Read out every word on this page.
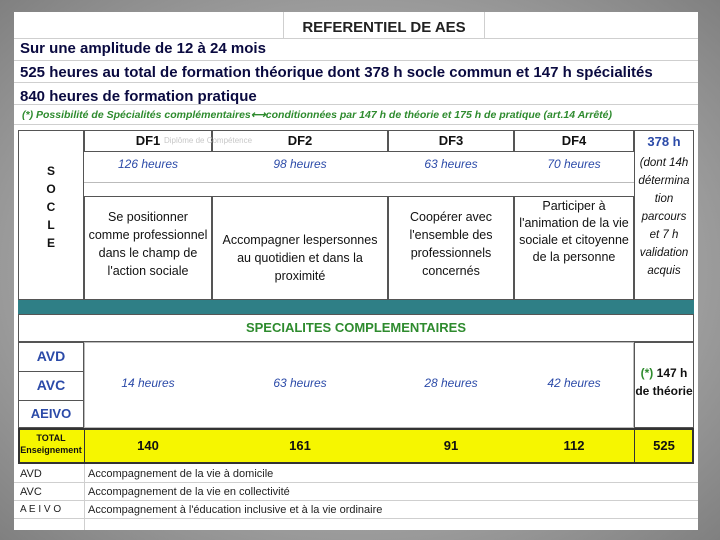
REFERENTIEL DE AES
Sur une amplitude de 12 à 24 mois
525 heures au total de formation théorique dont 378 h socle commun et 147 h spécialités
840 heures de formation pratique
(*) Possibilité de Spécialités complémentaires⟷conditionnées par 147 h de théorie et 175 h de pratique (art.14 Arrêté)
S
O
C
L
E
DF1 Diplôme de Compétence	DF2	DF3	DF4
126 heures	98 heures	63 heures	70 heures
Se positionner comme professionnel dans le champ de l'action sociale
Accompagner lespersonnes au quotidien et dans la proximité
Coopérer avec l'ensemble des professionnels concernés
Participer à l'animation de la vie sociale et citoyenne de la personne
378 h
(dont 14h détermina tion parcours et 7 h validation acquis
SPECIALITES COMPLEMENTAIRES
AVD
AVC
AEIVO
14 heures	63 heures	28 heures	42 heures
(*) 147 h de théorie
TOTAL Enseignement	140	161	91	112	525
AVD	Accompagnement de la vie à domicile
AVC	Accompagnement de la vie en collectivité
A E I V O Accompagnement à l'éducation inclusive et à la vie ordinaire
